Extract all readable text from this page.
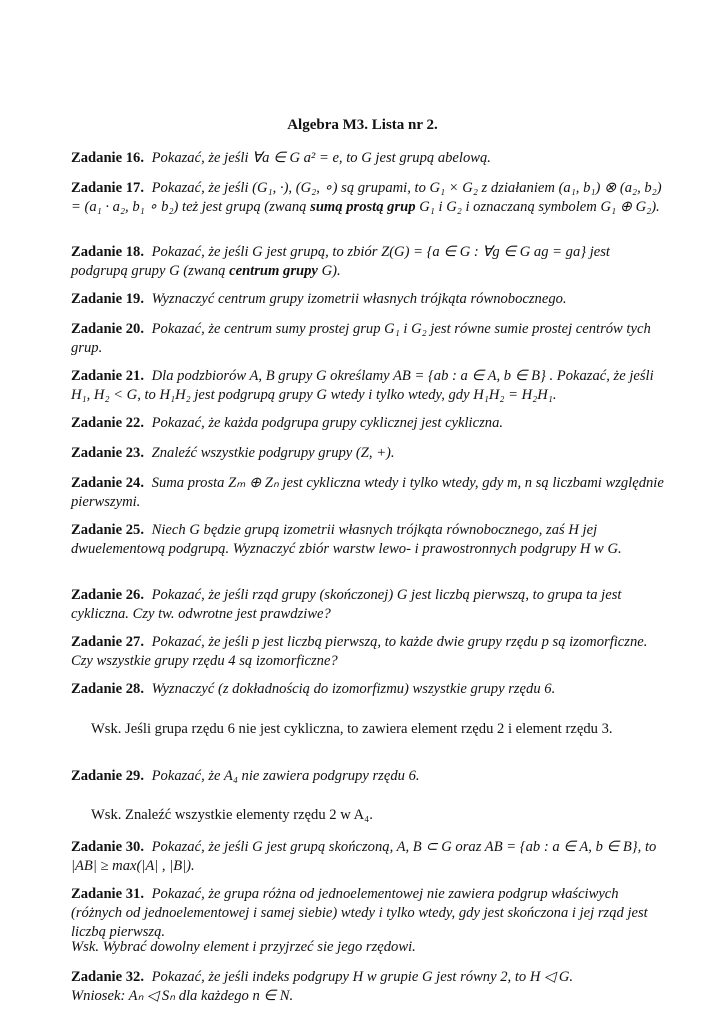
Algebra M3. Lista nr 2.
Zadanie 16. Pokazać, że jeśli ∀a ∈ G a² = e, to G jest grupą abelową.
Zadanie 17. Pokazać, że jeśli (G₁, ·), (G₂, ∘) są grupami, to G₁ × G₂ z działaniem (a₁, b₁) ⊗ (a₂, b₂) = (a₁ · a₂, b₁ ∘ b₂) też jest grupą (zwaną sumą prostą grup G₁ i G₂ i oznaczaną symbolem G₁ ⊕ G₂).
Zadanie 18. Pokazać, że jeśli G jest grupą, to zbiór Z(G) = {a ∈ G : ∀g ∈ G ag = ga} jest podgrupą grupy G (zwaną centrum grupy G).
Zadanie 19. Wyznaczyć centrum grupy izometrii własnych trójkąta równobocznego.
Zadanie 20. Pokazać, że centrum sumy prostej grup G₁ i G₂ jest równe sumie prostej centrów tych grup.
Zadanie 21. Dla podzbiorów A, B grupy G określamy AB = {ab : a ∈ A, b ∈ B} . Pokazać, że jeśli H₁, H₂ < G, to H₁H₂ jest podgrupą grupy G wtedy i tylko wtedy, gdy H₁H₂ = H₂H₁.
Zadanie 22. Pokazać, że każda podgrupa grupy cyklicznej jest cykliczna.
Zadanie 23. Znaleźć wszystkie podgrupy grupy (Z, +).
Zadanie 24. Suma prosta Zₘ ⊕ Zₙ jest cykliczna wtedy i tylko wtedy, gdy m, n są liczbami względnie pierwszymi.
Zadanie 25. Niech G będzie grupą izometrii własnych trójkąta równobocznego, zaś H jej dwuelementową podgrupą. Wyznaczyć zbiór warstw lewo- i prawostronnych podgrupy H w G.
Zadanie 26. Pokazać, że jeśli rząd grupy (skończonej) G jest liczbą pierwszą, to grupa ta jest cykliczna. Czy tw. odwrotne jest prawdziwe?
Zadanie 27. Pokazać, że jeśli p jest liczbą pierwszą, to każde dwie grupy rzędu p są izomorficzne. Czy wszystkie grupy rzędu 4 są izomorficzne?
Zadanie 28. Wyznaczyć (z dokładnością do izomorfizmu) wszystkie grupy rzędu 6.
Wsk. Jeśli grupa rzędu 6 nie jest cykliczna, to zawiera element rzędu 2 i element rzędu 3.
Zadanie 29. Pokazać, że A₄ nie zawiera podgrupy rzędu 6.
Wsk. Znaleźć wszystkie elementy rzędu 2 w A₄.
Zadanie 30. Pokazać, że jeśli G jest grupą skończoną, A, B ⊂ G oraz AB = {ab : a ∈ A, b ∈ B}, to |AB| ≥ max(|A| , |B|).
Zadanie 31. Pokazać, że grupa różna od jednoelementowej nie zawiera podgrup właściwych (różnych od jednoelementowej i samej siebie) wtedy i tylko wtedy, gdy jest skończona i jej rząd jest liczbą pierwszą.
Wsk. Wybrać dowolny element i przyjrzeć sie jego rzędowi.
Zadanie 32. Pokazać, że jeśli indeks podgrupy H w grupie G jest równy 2, to H ◁ G.
Wniosek: Aₙ ◁ Sₙ dla każdego n ∈ N.
